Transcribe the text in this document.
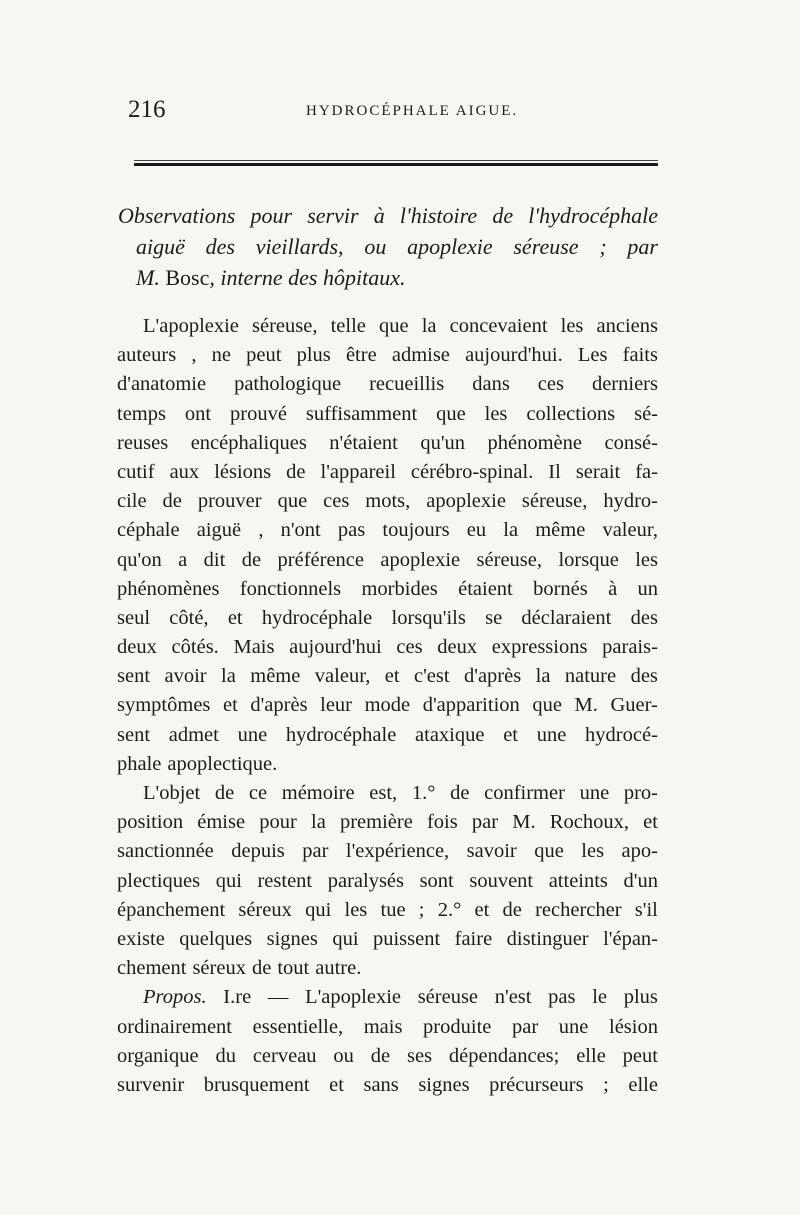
216	HYDROCÉPHALE AIGUE.
Observations pour servir à l'histoire de l'hydrocéphale
aiguë des vieillards, ou apoplexie séreuse ; par
M. Bosc, interne des hôpitaux.
L'apoplexie séreuse, telle que la concevaient les anciens
auteurs , ne peut plus être admise aujourd'hui. Les faits
d'anatomie pathologique recueillis dans ces derniers
temps ont prouvé suffisamment que les collections sé-
reuses encéphaliques n'étaient qu'un phénomène consé-
cutif aux lésions de l'appareil cérébro-spinal. Il serait fa-
cile de prouver que ces mots, apoplexie séreuse, hydro-
céphale aiguë , n'ont pas toujours eu la même valeur,
qu'on a dit de préférence apoplexie séreuse, lorsque les
phénomènes fonctionnels morbides étaient bornés à un
seul côté, et hydrocéphale lorsqu'ils se déclaraient des
deux côtés. Mais aujourd'hui ces deux expressions parais-
sent avoir la même valeur, et c'est d'après la nature des
symptômes et d'après leur mode d'apparition que M. Guer-
sent admet une hydrocéphale ataxique et une hydrocé-
phale apoplectique.
L'objet de ce mémoire est, 1.° de confirmer une pro-
position émise pour la première fois par M. Rochoux, et
sanctionnée depuis par l'expérience, savoir que les apo-
plectiques qui restent paralysés sont souvent atteints d'un
épanchement séreux qui les tue ; 2.° et de rechercher s'il
existe quelques signes qui puissent faire distinguer l'épan-
chement séreux de tout autre.
Propos. I.re — L'apoplexie séreuse n'est pas le plus
ordinairement essentielle, mais produite par une lésion
organique du cerveau ou de ses dépendances; elle peut
survenir brusquement et sans signes précurseurs ; elle
